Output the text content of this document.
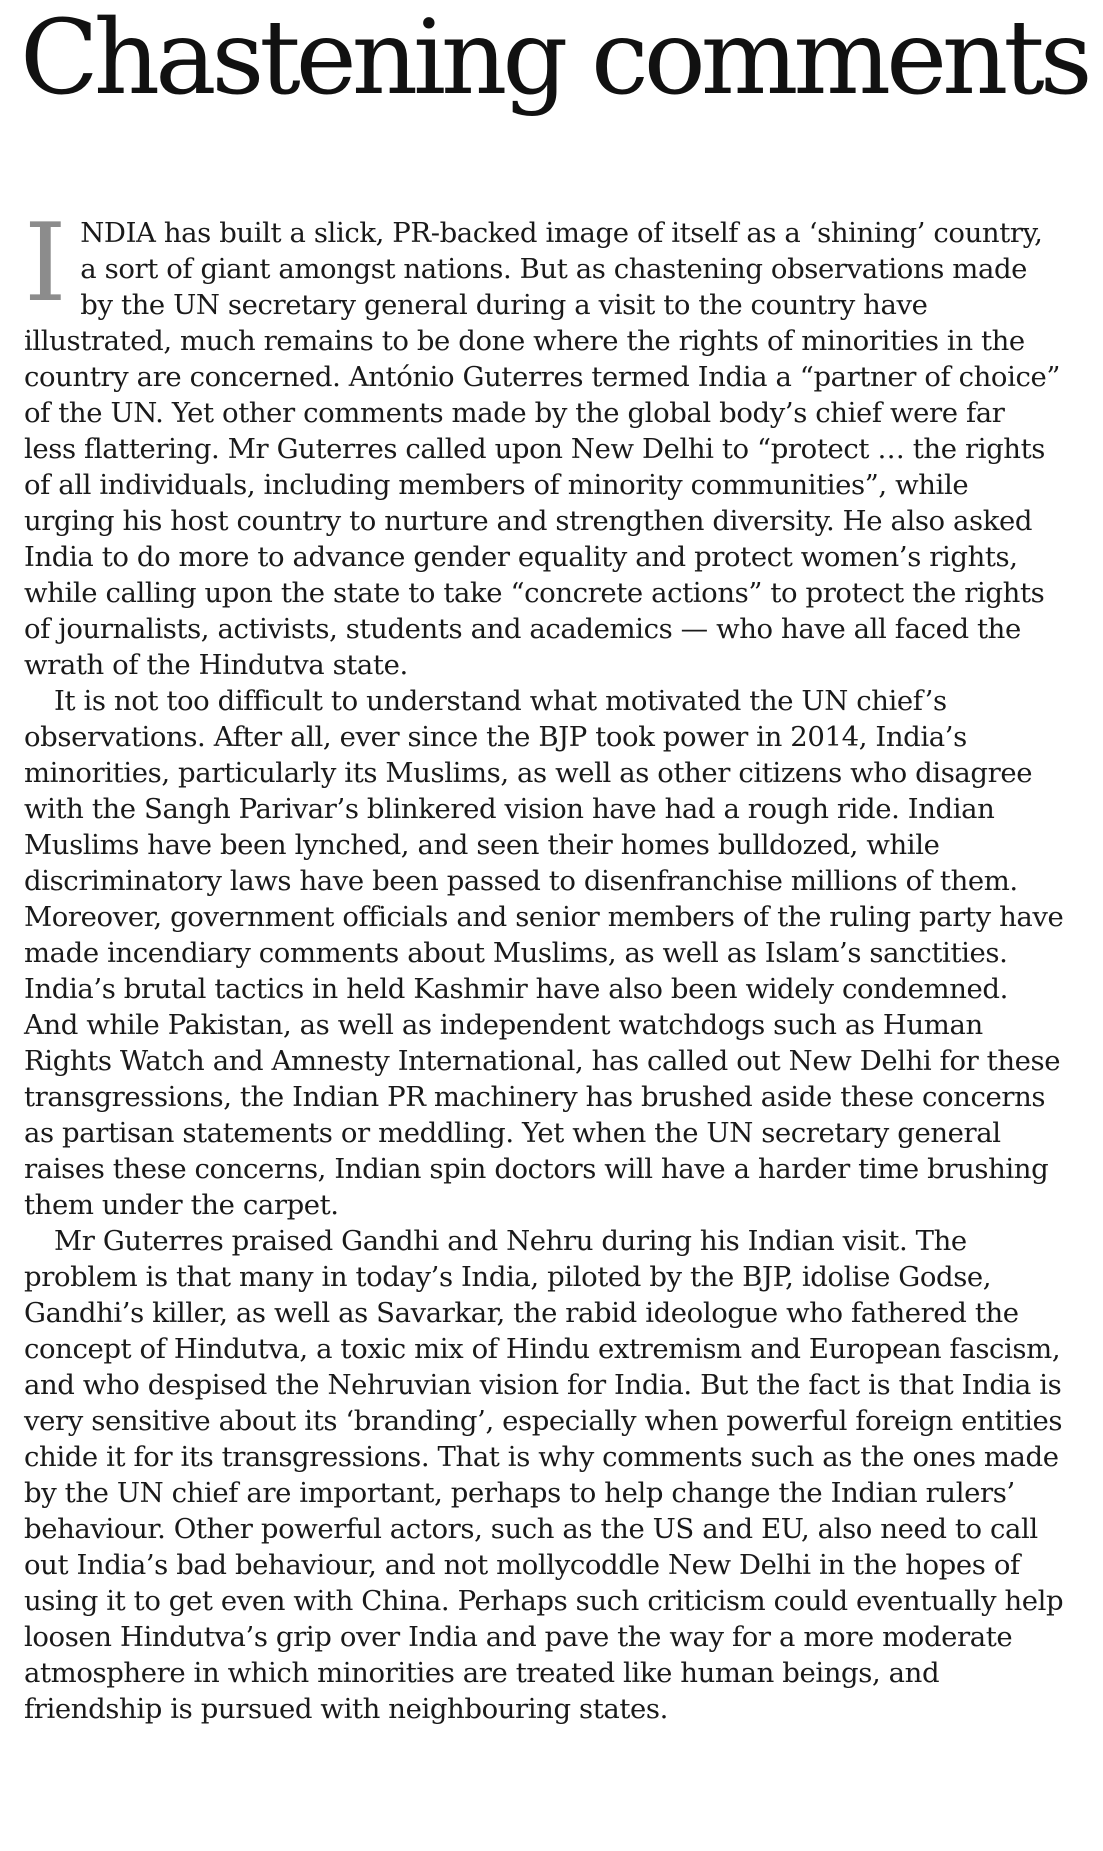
Chastening comments

INDIA has built a slick, PR-backed image of itself as a ‘shining’ country, a sort of giant amongst nations. But as chastening observations made by the UN secretary general during a visit to the country have illustrated, much remains to be done where the rights of minorities in the country are concerned. António Guterres termed India a “partner of choice” of the UN. Yet other comments made by the global body’s chief were far less flattering. Mr Guterres called upon New Delhi to “protect … the rights of all individuals, including members of minority communities”, while urging his host country to nurture and strengthen diversity. He also asked India to do more to advance gender equality and protect women’s rights, while calling upon the state to take “concrete actions” to protect the rights of journalists, activists, students and academics — who have all faced the wrath of the Hindutva state.

It is not too difficult to understand what motivated the UN chief’s observations. After all, ever since the BJP took power in 2014, India’s minorities, particularly its Muslims, as well as other citizens who disagree with the Sangh Parivar’s blinkered vision have had a rough ride. Indian Muslims have been lynched, and seen their homes bulldozed, while discriminatory laws have been passed to disenfranchise millions of them. Moreover, government officials and senior members of the ruling party have made incendiary comments about Muslims, as well as Islam’s sanctities. India’s brutal tactics in held Kashmir have also been widely condemned. And while Pakistan, as well as independent watchdogs such as Human Rights Watch and Amnesty International, has called out New Delhi for these transgressions, the Indian PR machinery has brushed aside these concerns as partisan statements or meddling. Yet when the UN secretary general raises these concerns, Indian spin doctors will have a harder time brushing them under the carpet.

Mr Guterres praised Gandhi and Nehru during his Indian visit. The problem is that many in today’s India, piloted by the BJP, idolise Godse, Gandhi’s killer, as well as Savarkar, the rabid ideologue who fathered the concept of Hindutva, a toxic mix of Hindu extremism and European fascism, and who despised the Nehruvian vision for India. But the fact is that India is very sensitive about its ‘branding’, especially when powerful foreign entities chide it for its transgressions. That is why comments such as the ones made by the UN chief are important, perhaps to help change the Indian rulers’ behaviour. Other powerful actors, such as the US and EU, also need to call out India’s bad behaviour, and not mollycoddle New Delhi in the hopes of using it to get even with China. Perhaps such criticism could eventually help loosen Hindutva’s grip over India and pave the way for a more moderate atmosphere in which minorities are treated like human beings, and friendship is pursued with neighbouring states.
